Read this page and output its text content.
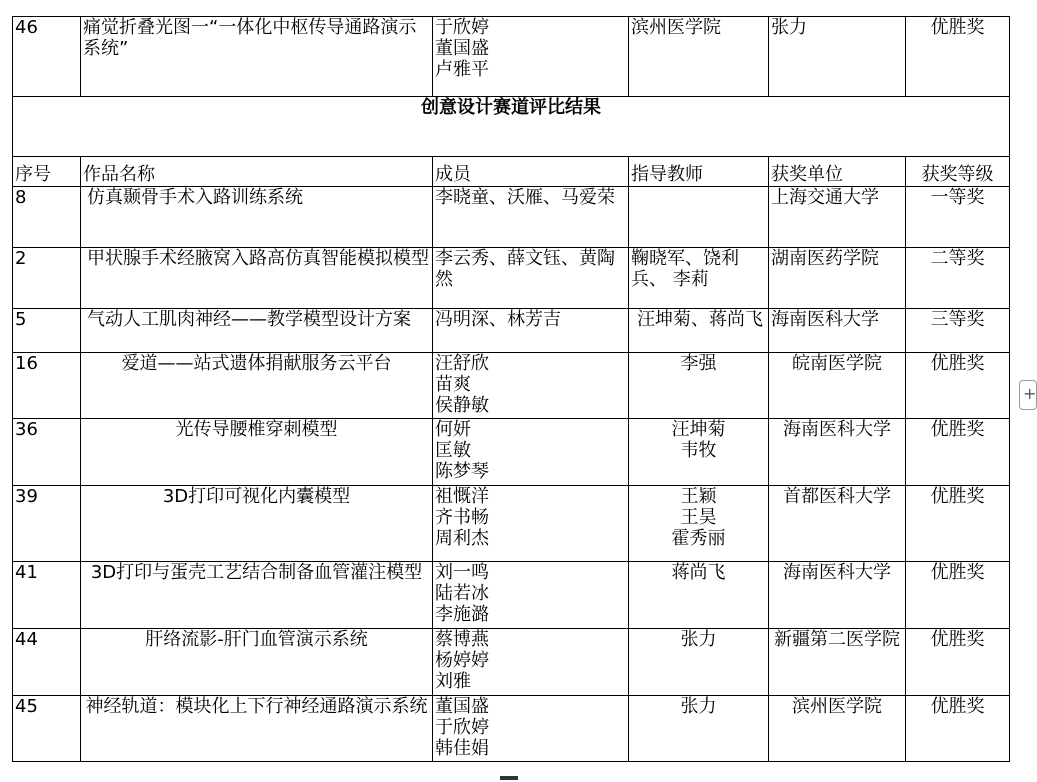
46	痛觉折叠光图一“一体化中枢传导通路演示系统”	于欣婷
董国盛
卢雅平	滨州医学院	张力	优胜奖
创意设计赛道评比结果					
序号	作品名称	成员	指导教师	获奖单位	获奖等级
8	仿真颞骨手术入路训练系统	李晓童、沃雁、马爱荣		上海交通大学	一等奖
2	甲状腺手术经腋窝入路高仿真智能模拟模型	李云秀、薛文钰、黄陶然	鞠晓军、饶利兵、 李莉	湖南医药学院	二等奖
5	气动人工肌肉神经——教学模型设计方案	冯明深、林芳吉	汪坤菊、蒋尚飞	海南医科大学	三等奖
16	爱道——站式遗体捐献服务云平台	汪舒欣
苗爽
侯静敏	李强	皖南医学院	优胜奖
36	光传导腰椎穿刺模型	何妍
匡敏
陈梦琴	汪坤菊
韦牧	海南医科大学	优胜奖
39	3D打印可视化内囊模型	祖慨洋
齐书畅
周利杰	王颖
王昊
霍秀丽	首都医科大学	优胜奖
41	3D打印与蛋壳工艺结合制备血管灌注模型	刘一鸣
陆若冰
李施潞	蒋尚飞	海南医科大学	优胜奖
44	肝络流影-肝门血管演示系统	蔡博燕
杨婷婷
刘雅	张力	新疆第二医学院	优胜奖
45	神经轨道：模块化上下行神经通路演示系统	董国盛
于欣婷
韩佳娟	张力	滨州医学院	优胜奖
+
